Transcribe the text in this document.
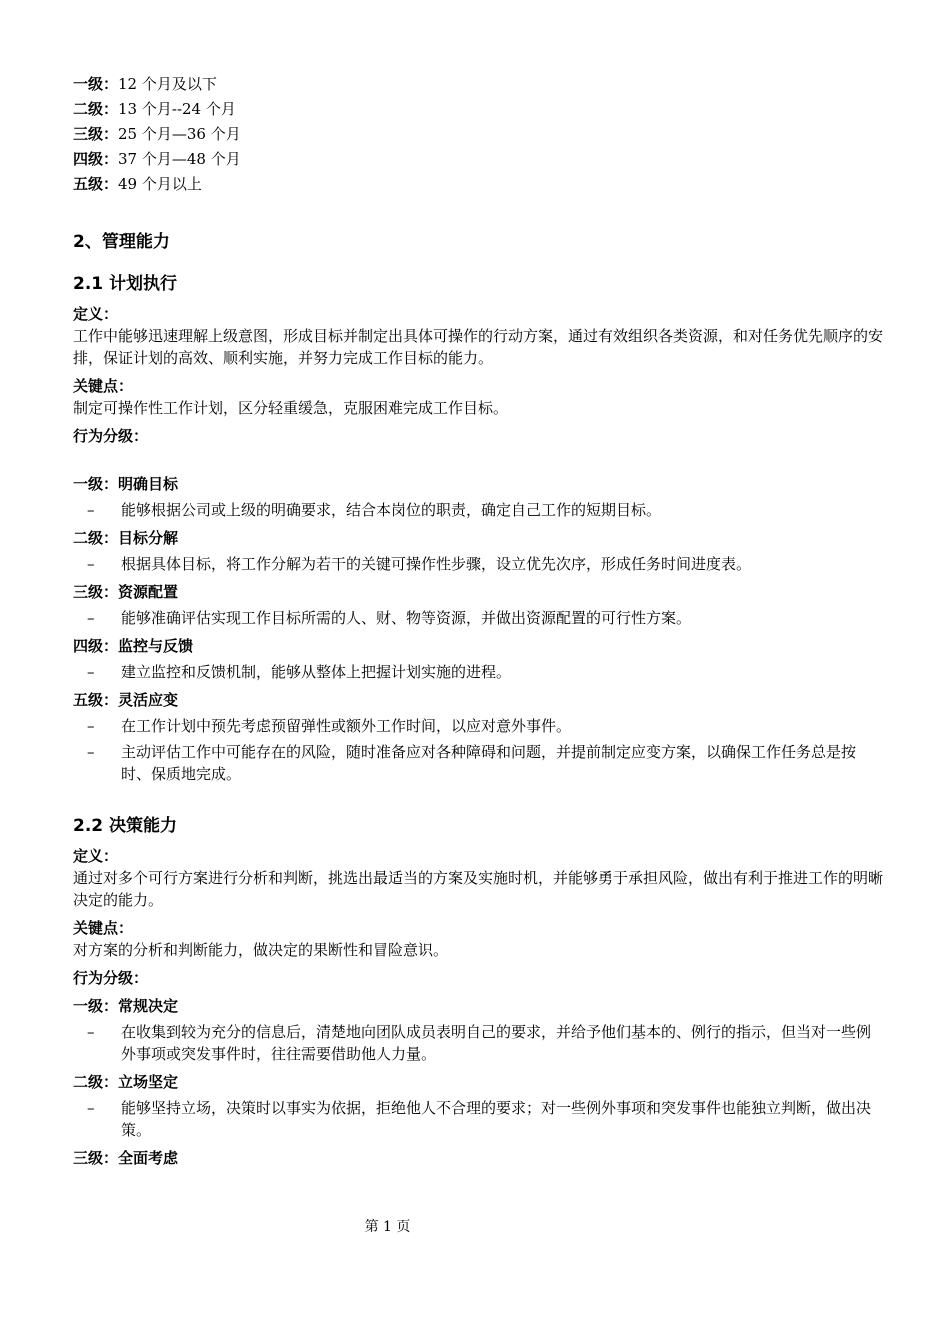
一级：12 个月及以下
二级：13 个月--24 个月
三级：25 个月—36 个月
四级：37 个月—48 个月
五级：49 个月以上
2、管理能力
2.1 计划执行
定义：
工作中能够迅速理解上级意图，形成目标并制定出具体可操作的行动方案，通过有效组织各类资源，和对任务优先顺序的安排，保证计划的高效、顺利实施，并努力完成工作目标的能力。
关键点：
制定可操作性工作计划，区分轻重缓急，克服困难完成工作目标。
行为分级：
一级：明确目标
–	能够根据公司或上级的明确要求，结合本岗位的职责，确定自己工作的短期目标。
二级：目标分解
–	根据具体目标，将工作分解为若干的关键可操作性步骤，设立优先次序，形成任务时间进度表。
三级：资源配置
–	能够准确评估实现工作目标所需的人、财、物等资源，并做出资源配置的可行性方案。
四级：监控与反馈
–	建立监控和反馈机制，能够从整体上把握计划实施的进程。
五级：灵活应变
–	在工作计划中预先考虑预留弹性或额外工作时间，以应对意外事件。
–	主动评估工作中可能存在的风险，随时准备应对各种障碍和问题，并提前制定应变方案，以确保工作任务总是按时、保质地完成。
2.2 决策能力
定义：
通过对多个可行方案进行分析和判断，挑选出最适当的方案及实施时机，并能够勇于承担风险，做出有利于推进工作的明晰决定的能力。
关键点：
对方案的分析和判断能力，做决定的果断性和冒险意识。
行为分级：
一级：常规决定
–	在收集到较为充分的信息后，清楚地向团队成员表明自己的要求，并给予他们基本的、例行的指示，但当对一些例外事项或突发事件时，往往需要借助他人力量。
二级：立场坚定
–	能够坚持立场，决策时以事实为依据，拒绝他人不合理的要求；对一些例外事项和突发事件也能独立判断，做出决策。
三级：全面考虑
第 1 页
